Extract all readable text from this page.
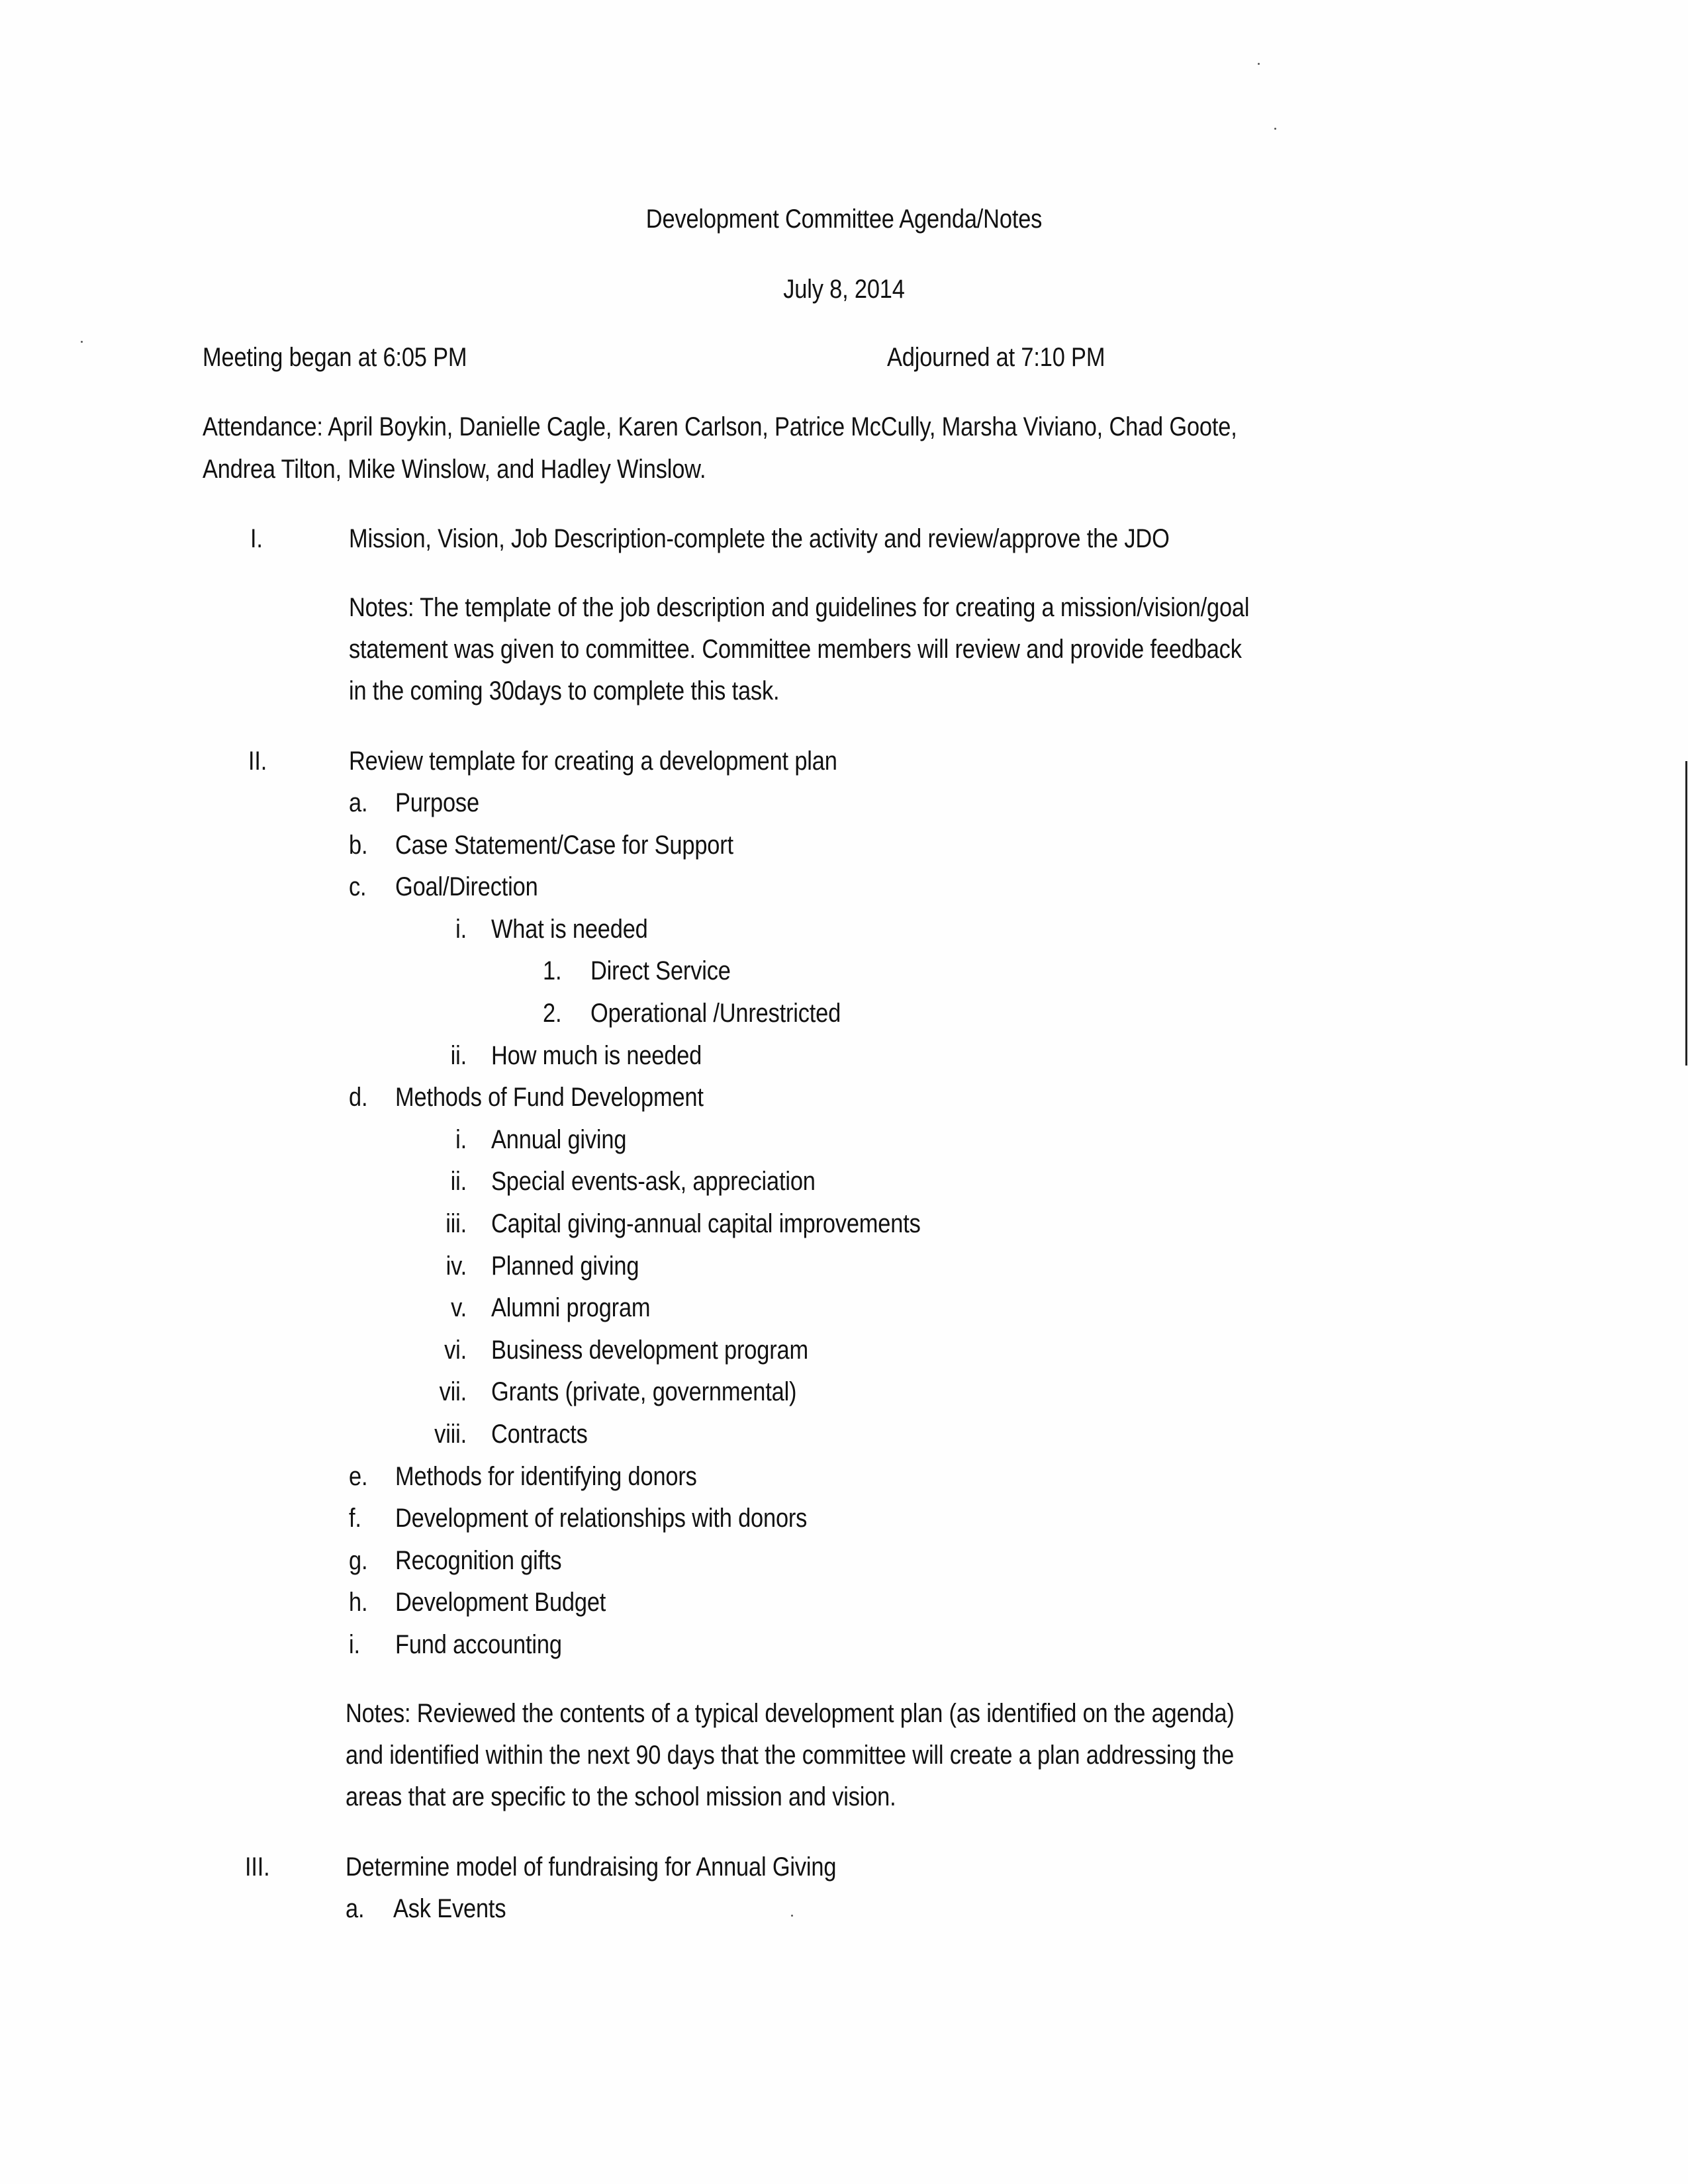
Development Committee Agenda/Notes
July 8, 2014
Meeting began at 6:05 PM	Adjourned at 7:10 PM
Attendance: April Boykin, Danielle Cagle, Karen Carlson, Patrice McCully, Marsha Viviano, Chad Goote,
Andrea Tilton, Mike Winslow, and Hadley Winslow.
I.	Mission, Vision, Job Description-complete the activity and review/approve the JDO
Notes: The template of the job description and guidelines for creating a mission/vision/goal
statement was given to committee. Committee members will review and provide feedback
in the coming 30days to complete this task.
II.	Review template for creating a development plan
a. Purpose
b. Case Statement/Case for Support
c. Goal/Direction
i. What is needed
1. Direct Service
2. Operational /Unrestricted
ii. How much is needed
d. Methods of Fund Development
i. Annual giving
ii. Special events-ask, appreciation
iii. Capital giving-annual capital improvements
iv. Planned giving
v. Alumni program
vi. Business development program
vii. Grants (private, governmental)
viii. Contracts
e. Methods for identifying donors
f. Development of relationships with donors
g. Recognition gifts
h. Development Budget
i. Fund accounting
Notes: Reviewed the contents of a typical development plan (as identified on the agenda)
and identified within the next 90 days that the committee will create a plan addressing the
areas that are specific to the school mission and vision.
III.	Determine model of fundraising for Annual Giving
a. Ask Events
